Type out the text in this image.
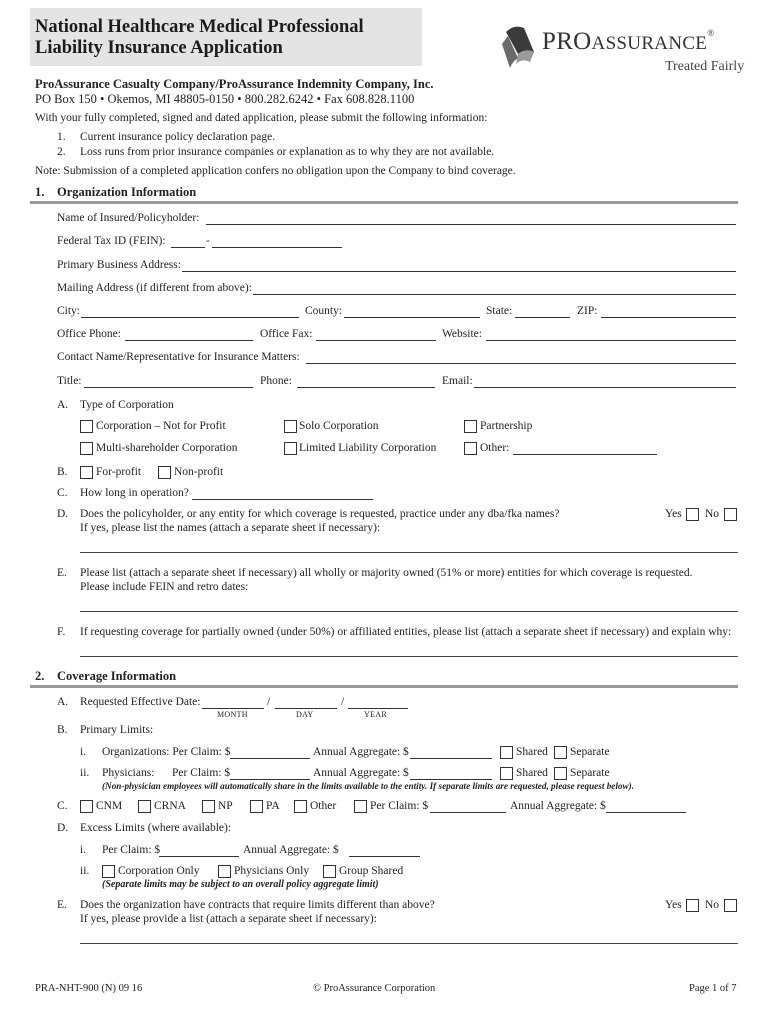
National Healthcare Medical Professional
Liability Insurance Application	PROASSURANCE®
Treated Fairly
ProAssurance Casualty Company/ProAssurance Indemnity Company, Inc.
PO Box 150 • Okemos, MI 48805-0150 • 800.282.6242 • Fax 608.828.1100
With your fully completed, signed and dated application, please submit the following information:
1. Current insurance policy declaration page.
2. Loss runs from prior insurance companies or explanation as to why they are not available.
Note: Submission of a completed application confers no obligation upon the Company to bind coverage.
1. Organization Information
Name of Insured/Policyholder:
Federal Tax ID (FEIN):	-
Primary Business Address:
Mailing Address (if different from above):
City:	County:	State:	ZIP:
Office Phone:	Office Fax:	Website:
Contact Name/Representative for Insurance Matters:
Title:	Phone:	Email:
A. Type of Corporation
Corporation – Not for Profit	Solo Corporation	Partnership
Multi-shareholder Corporation	Limited Liability Corporation	Other:
B. For-profit	Non-profit
C. How long in operation?
D. Does the policyholder, or any entity for which coverage is requested, practice under any dba/fka names?
If yes, please list the names (attach a separate sheet if necessary):
Yes No
E. Please list (attach a separate sheet if necessary) all wholly or majority owned (51% or more) entities for which coverage is requested.
Please include FEIN and retro dates:
F. If requesting coverage for partially owned (under 50%) or affiliated entities, please list (attach a separate sheet if necessary) and explain why:
2. Coverage Information
A. Requested Effective Date:	/	/
MONTH	DAY	YEAR
B. Primary Limits:
i. Organizations: Per Claim: $	Annual Aggregate: $	Shared Separate
ii. Physicians: Per Claim: $	Annual Aggregate: $	Shared Separate
(Non-physician employees will automatically share in the limits available to the entity. If separate limits are requested, please request below).
C. CNM	CRNA	NP	PA	Other	Per Claim: $	Annual Aggregate: $
D. Excess Limits (where available):
i. Per Claim: $	Annual Aggregate: $
ii. Corporation Only	Physicians Only	Group Shared
(Separate limits may be subject to an overall policy aggregate limit)
E. Does the organization have contracts that require limits different than above?
If yes, please provide a list (attach a separate sheet if necessary):
Yes No
PRA-NHT-900 (N) 09 16	© ProAssurance Corporation	Page 1 of 7
